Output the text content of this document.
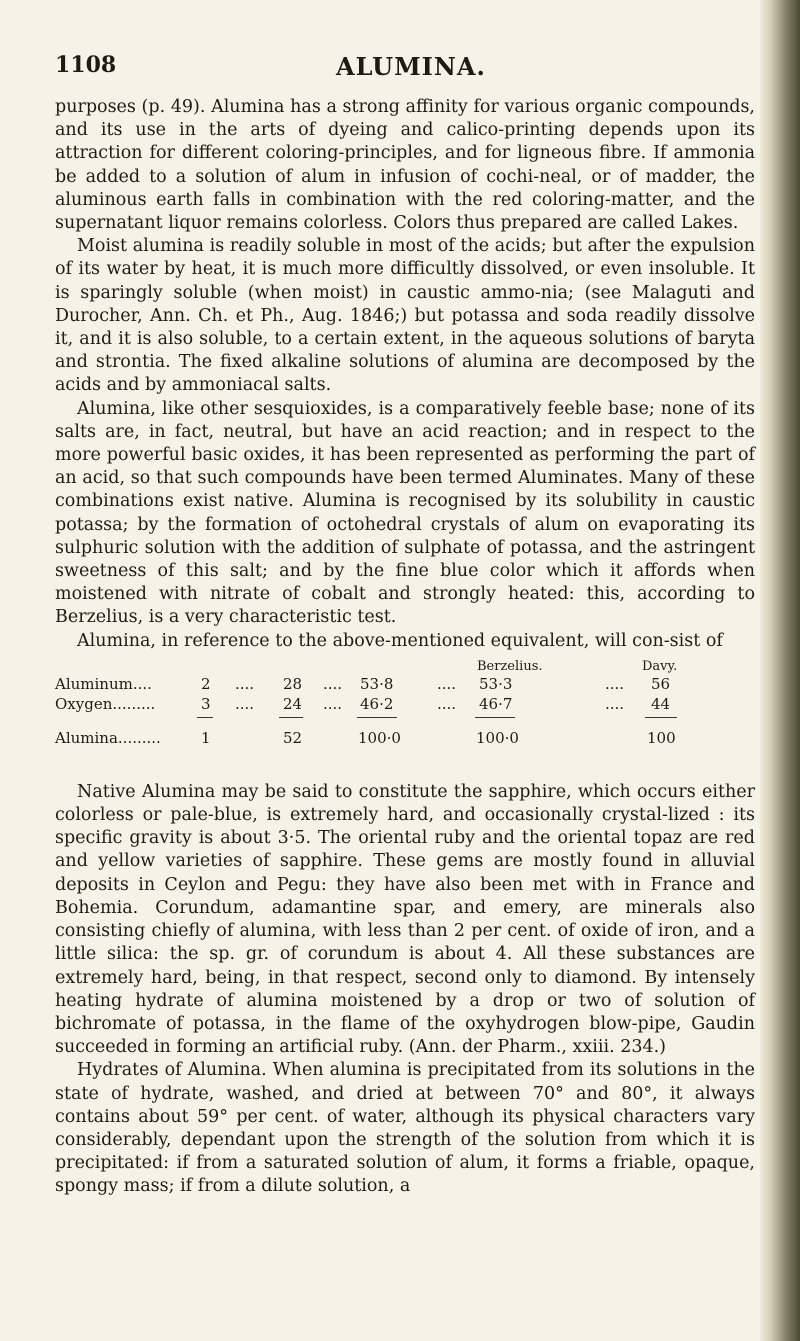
1108	ALUMINA.

purposes (p. 49). Alumina has a strong affinity for various organic compounds, and its use in the arts of dyeing and calico-printing depends upon its attraction for different coloring-principles, and for ligneous fibre. If ammonia be added to a solution of alum in infusion of cochi-neal, or of madder, the aluminous earth falls in combination with the red coloring-matter, and the supernatant liquor remains colorless. Colors thus prepared are called Lakes.

Moist alumina is readily soluble in most of the acids; but after the expulsion of its water by heat, it is much more difficultly dissolved, or even insoluble. It is sparingly soluble (when moist) in caustic ammo-nia; (see Malaguti and Durocher, Ann. Ch. et Ph., Aug. 1846;) but potassa and soda readily dissolve it, and it is also soluble, to a certain extent, in the aqueous solutions of baryta and strontia. The fixed alkaline solutions of alumina are decomposed by the acids and by ammoniacal salts.

Alumina, like other sesquioxides, is a comparatively feeble base; none of its salts are, in fact, neutral, but have an acid reaction; and in respect to the more powerful basic oxides, it has been represented as performing the part of an acid, so that such compounds have been termed Aluminates. Many of these combinations exist native. Alumina is recognised by its solubility in caustic potassa; by the formation of octohedral crystals of alum on evaporating its sulphuric solution with the addition of sulphate of potassa, and the astringent sweetness of this salt; and by the fine blue color which it affords when moistened with nitrate of cobalt and strongly heated: this, according to Berzelius, is a very characteristic test.

Alumina, in reference to the above-mentioned equivalent, will con-sist of

Berzelius.	Davy.
Aluminum....	2 .... 28 .... 53·8	.... 53·3	.... 56
Oxygen.........	3 .... 24 .... 46·2	.... 46·7	.... 44
Alumina.........	1	52	100·0	100·0	100

Native Alumina may be said to constitute the sapphire, which occurs either colorless or pale-blue, is extremely hard, and occasionally crystal-lized : its specific gravity is about 3·5. The oriental ruby and the oriental topaz are red and yellow varieties of sapphire. These gems are mostly found in alluvial deposits in Ceylon and Pegu: they have also been met with in France and Bohemia. Corundum, adamantine spar, and emery, are minerals also consisting chiefly of alumina, with less than 2 per cent. of oxide of iron, and a little silica: the sp. gr. of corundum is about 4. All these substances are extremely hard, being, in that respect, second only to diamond. By intensely heating hydrate of alumina moistened by a drop or two of solution of bichromate of potassa, in the flame of the oxyhydrogen blow-pipe, Gaudin succeeded in forming an artificial ruby. (Ann. der Pharm., xxiii. 234.)

Hydrates of Alumina. When alumina is precipitated from its solutions in the state of hydrate, washed, and dried at between 70° and 80°, it always contains about 59° per cent. of water, although its physical characters vary considerably, dependant upon the strength of the solution from which it is precipitated: if from a saturated solution of alum, it forms a friable, opaque, spongy mass; if from a dilute solution, a
